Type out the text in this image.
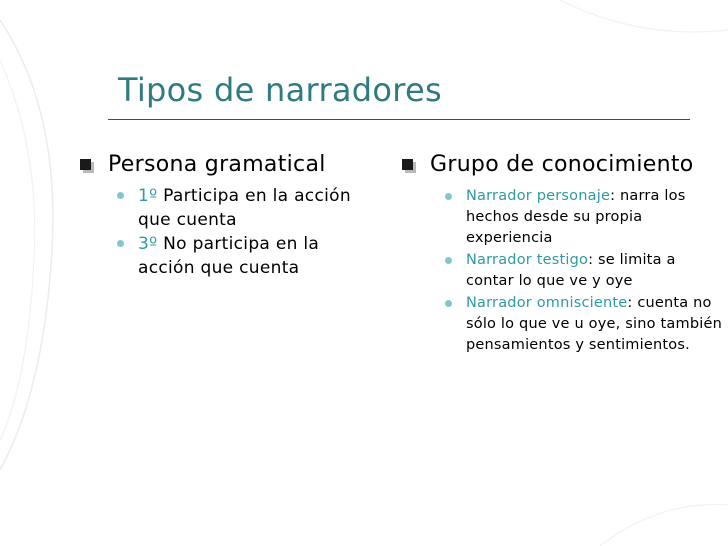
Tipos de narradores
Persona gramatical
1º Participa en la acción que cuenta
3º No participa en la acción que cuenta
Grupo de conocimiento
Narrador personaje: narra los hechos desde su propia experiencia
Narrador testigo: se limita a contar lo que ve y oye
Narrador omnisciente: cuenta no sólo lo que ve u oye, sino también pensamientos y sentimientos.
